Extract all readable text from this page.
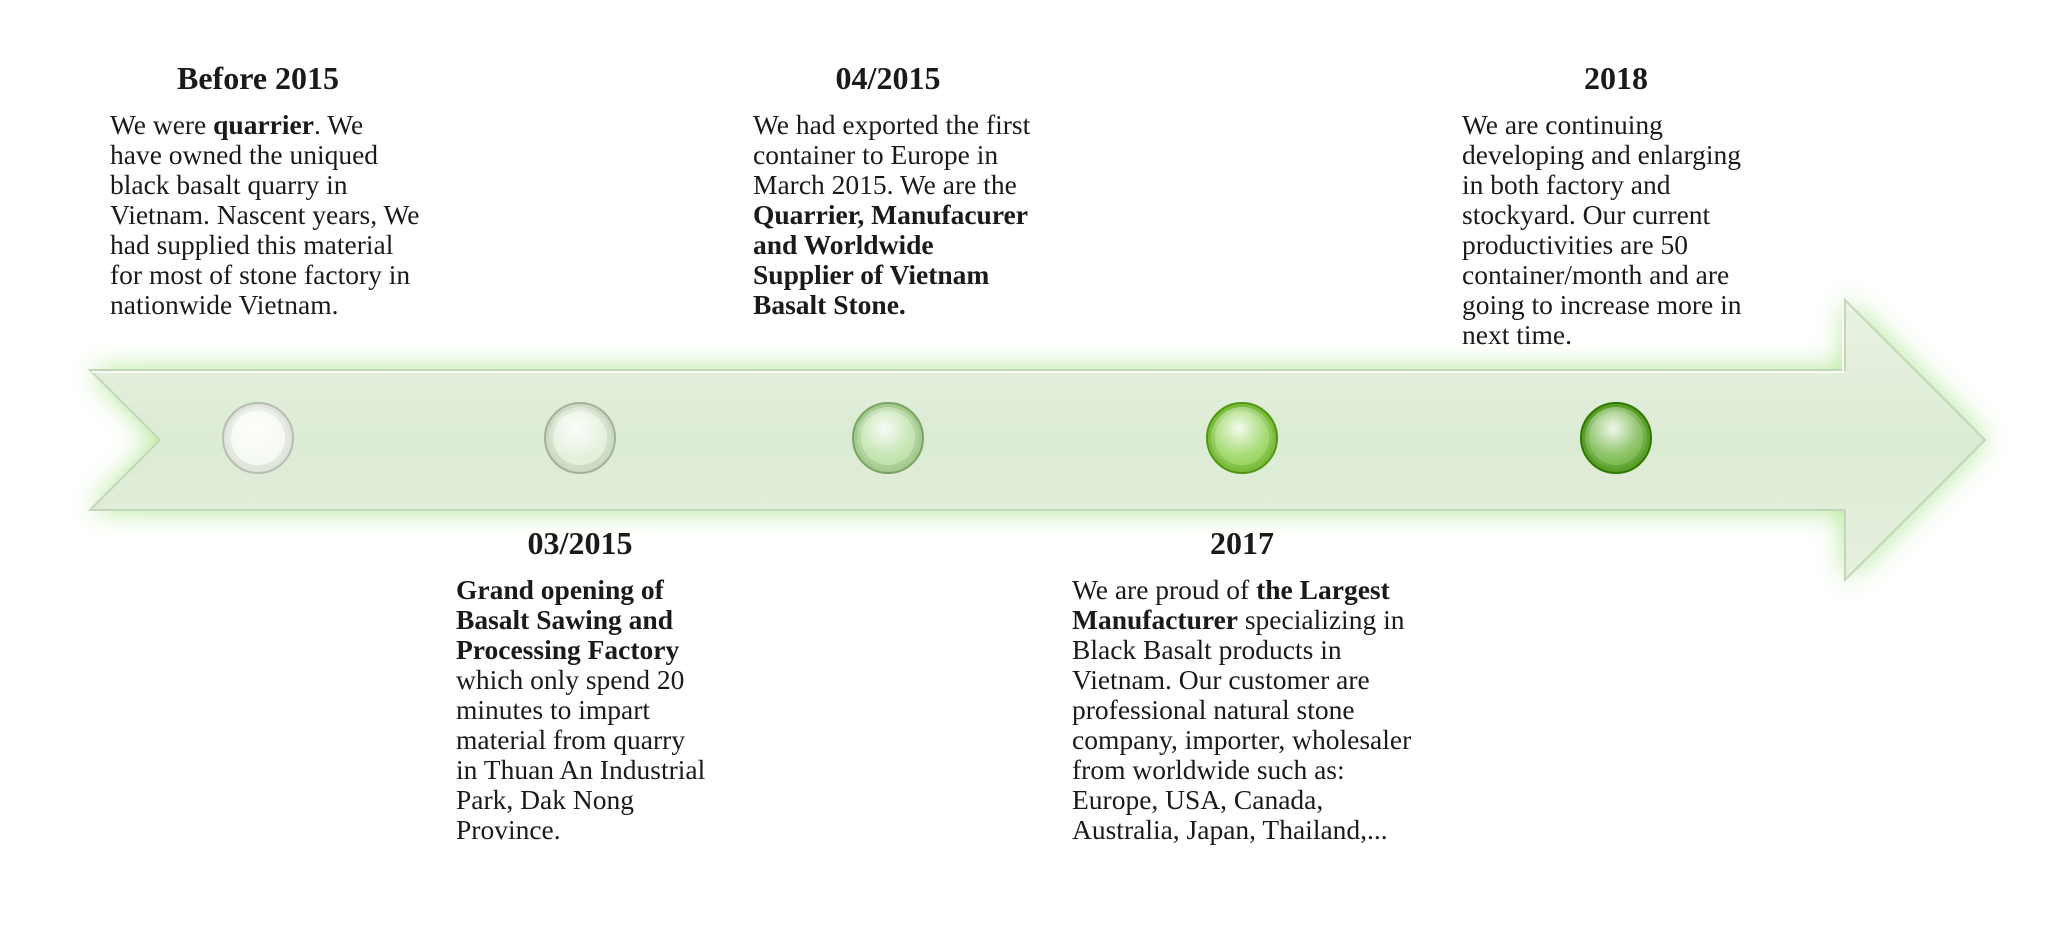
Before 2015
We were quarrier. We have owned the uniqued black basalt quarry in Vietnam. Nascent years, We had supplied this material for most of stone factory in nationwide Vietnam.
03/2015
Grand opening of Basalt Sawing and Processing Factory which only spend 20 minutes to impart material from quarry in Thuan An Industrial Park, Dak Nong Province.
04/2015
We had exported the first container to Europe in March 2015. We are the Quarrier, Manufacurer and Worldwide Supplier of Vietnam Basalt Stone.
2017
We are proud of the Largest Manufacturer specializing in Black Basalt products in Vietnam. Our customer are professional natural stone company, importer, wholesaler from worldwide such as: Europe, USA, Canada, Australia, Japan, Thailand,...
2018
We are continuing developing and enlarging in both factory and stockyard. Our current productivities are 50 container/month and are going to increase more in next time.
